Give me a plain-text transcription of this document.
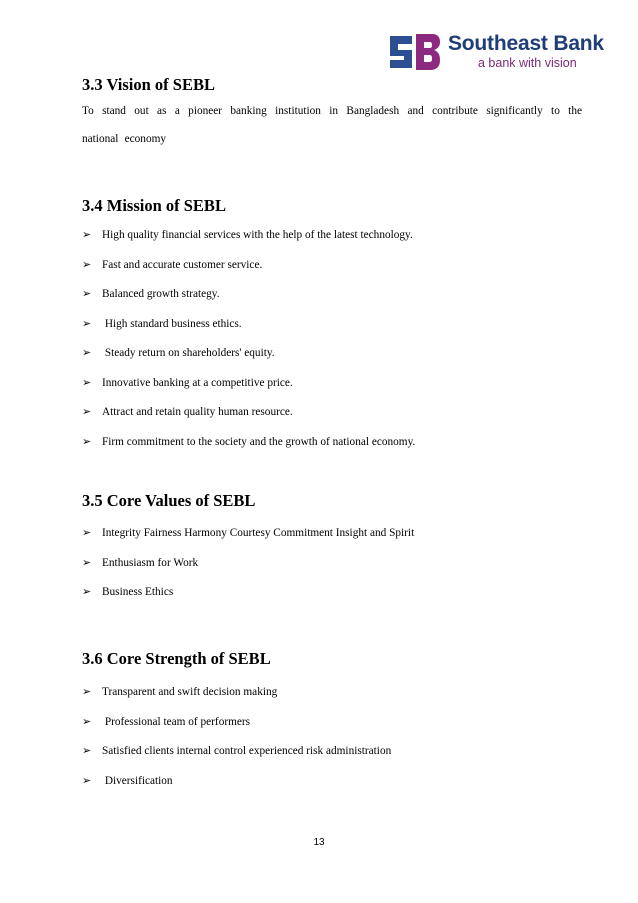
Southeast Bank
a bank with vision
3.3 Vision of SEBL
To stand out as a pioneer banking institution in Bangladesh and contribute significantly to the national economy
3.4 Mission of SEBL
➢ High quality financial services with the help of the latest technology.
➢ Fast and accurate customer service.
➢ Balanced growth strategy.
➢ High standard business ethics.
➢ Steady return on shareholders' equity.
➢ Innovative banking at a competitive price.
➢ Attract and retain quality human resource.
➢ Firm commitment to the society and the growth of national economy.
3.5 Core Values of SEBL
➢ Integrity Fairness Harmony Courtesy Commitment Insight and Spirit
➢ Enthusiasm for Work
➢ Business Ethics
3.6 Core Strength of SEBL
➢ Transparent and swift decision making
➢ Professional team of performers
➢ Satisfied clients internal control experienced risk administration
➢ Diversification
13
